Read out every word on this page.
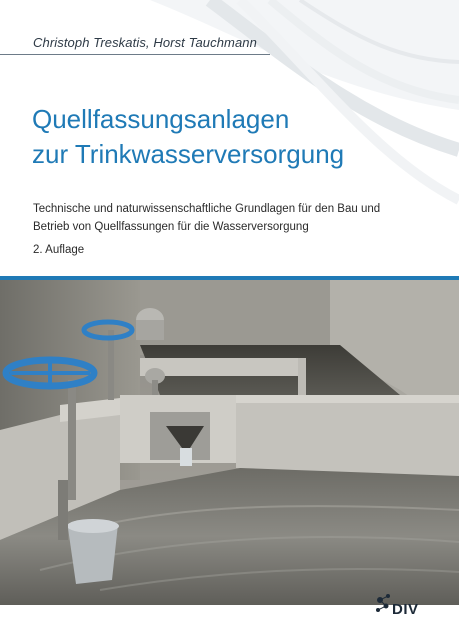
Christoph Treskatis, Horst Tauchmann
Quellfassungsanlagen
zur Trinkwasserversorgung
Technische und naturwissenschaftliche Grundlagen für den Bau und
Betrieb von Quellfassungen für die Wasserversorgung
2. Auflage
DIV
